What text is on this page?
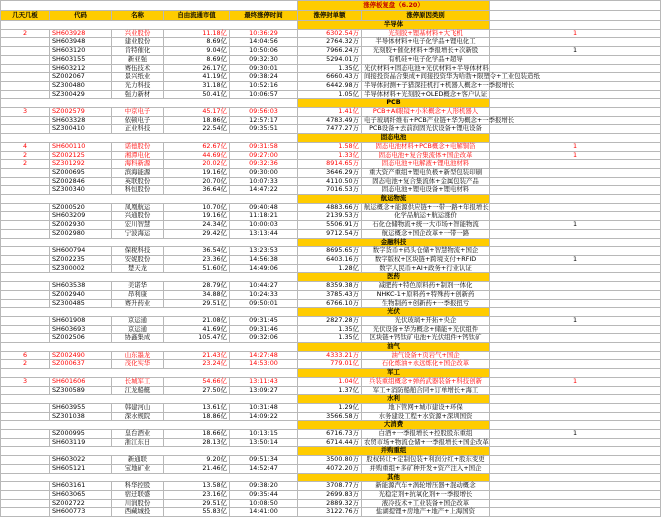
					涨停板复盘（6.20）		
几天几板	代码	名称	自由流通市值	最终涨停时间	涨停封单额	涨停原因类别	
					半导体		
2	SH603928	兴业股份	11.18亿	10:36:29	6302.54万	光刻胶+锂基材料+大飞机	1
	SH603948	建业股份	8.69亿	14:04:56	2764.32万	半导体材料+电子化学品+锂电化工	
	SH603120	肯特催化	9.04亿	10:50:06	7966.24万	光刻胶+催化材料+季报增长+次新股	1
	SH603155	新亚强	8.69亿	09:32:30	5294.01万	有机硅+电子化学品+超导	
	SH603212	赛伍技术	26.17亿	09:30:01	1.35亿	光伏材料+固态电池+光伏材料+半导体材料	
	SZ002067	景兴纸业	41.19亿	09:38:24	6660.43万	间接投资晶合集成+间接投资华为哈勃+限塑令+工业包装造纸	
	SZ300480	光力科技	31.18亿	10:52:16	6442.98万	半导体封测+子猎深挂机打+机器人概念+一季报增长	
	SZ300429	强力新材	50.41亿	10:06:57	1.05亿	半导体材料+光刻胶+OLED概念+客户认证	
					PCB		
3	SZ002579	中京电子	45.17亿	09:56:03	1.41亿	PCB+AI眼镜+小米概念+人形机器人	
	SH603328	依顿电子	18.86亿	12:57:17	4783.49万	电子玻璃纤维布+PCB产业链+华为概念+一季报增长	
	SZ300410	正业科技	22.54亿	09:35:51	7477.27万	PCB设备+去前润固光伏设备+锂电设备	
					固态电池		
4	SH600110	诺德股份	62.67亿	09:31:58	1.58亿	固态电池材料+PCB概念+电解铜箔	1
2	SZ002125	湘潭电化	44.69亿	09:27:00	1.33亿	固态电池+复合集流体+国企改革	1
2	SZ301292	海科新源	20.02亿	09:32:36	8914.65万	固态电池+电解液+锂电池材料	
	SZ000695	滨海能源	19.16亿	09:30:00	3646.29万	重大资产重组+锂电负极+新型包装印刷	
	SZ002846	英联股份	20.70亿	10:07:33	4110.50万	固态电池+复合集流体+金属包装产品	
	SZ300340	科恒股份	36.64亿	14:47:22	7016.53万	固态电池+锂电设备+锂电材料	
					航运物流		
	SZ000520	凤凰航运	10.70亿	09:40:48	4883.66万	航运概念+能源供应链+一带一路+年报增长	
	SH603209	兴通股份	19.16亿	11:18:21	2139.53万	化学品航运+航运涨价	
	SZ002930	宏川智慧	24.34亿	10:00:03	5506.91万	石化仓储物流+统一大市场+智能物流	1
	SZ002980	宁波海运	29.42亿	13:13:44	9712.54万	航运概念+国企改革+一带一路	
					金融科技		
	SH600794	保税科技	36.54亿	13:23:53	8695.65万	数字货币+码头仓储+智慧物流+国企	
	SZ002235	安妮股份	23.36亿	14:56:38	6403.16万	数字版权+区块链+跨境支付+RFID	1
	SZ300002	楚天龙	51.60亿	14:49:06	1.28亿	数字人民币+AI+政务+行业认证	
					医药		
	SH603538	美诺华	28.79亿	10:44:27	8359.38万	减肥药+特色原料药+制剂一体化	
	SZ002940	昂利康	34.88亿	10:24:33	3785.43万	NHKC-1+原料药+特殊药+创新药	
	SZ300485	赛升药业	29.51亿	09:50:01	6766.10万	生物制药+创新药+一季报扭亏	
					光伏		
	SH601908	京运通	21.08亿	09:31:45	2827.28万	光伏玻璃+开拓+央企	1
	SH603693	京运通	41.69亿	09:31:46	1.35亿	光伏设备+华为概念+储能+光伏组件	
	SZ002506	协鑫集成	105.47亿	09:32:06	1.35亿	区块链+钙钛矿电池+光伏组件+钙钛矿	
					油气		
6	SZ002490	山东墨龙	21.43亿	14:27:48	4333.21万	油气设备+页岩气+国企	
2	SZ000637	茂化实华	23.24亿	14:53:00	779.01亿	石化炼油+永远炼化+国企改革	
					军工		
3	SH601606	长城军工	54.66亿	13:11:43	1.04亿	兵装重组概念+弹药武器装备+科技创新	1
	SZ300589	江龙船艇	27.50亿	13:09:27	1.37亿	军工+消防船舶合同+订单增长+海工	
					水利		
	SH603955	韩建河山	13.61亿	10:31:48	1.29亿	地下管网+城市建设+环保	
	SZ301038	深水规院	18.86亿	14:09:22	3566.58万	水务建设工程+水资源+深圳国资	
					大消费		
	SZ000995	皇台酒业	18.66亿	10:13:15	6716.73万	白酒+一季报增长+控股股东重组	1
	SH603119	浙江东日	28.13亿	13:50:14	6714.44万	农贸市场+物流仓储+一季报增长+国企改革	
					并购重组		
	SH603022	新通联	9.20亿	09:51:34	3500.80万	股权转让+定制包装+利润分红+股东变更	
	SH605121	宝地矿业	21.46亿	14:52:47	4072.20万	并购重组+多矿种开发+资产注入+国企	
					其他		
	SH603161	科华控股	13.58亿	09:38:20	3708.77万	新能源汽车+涡轮增压器+混动概念	
	SH603065	宿迁联盛	23.16亿	09:35:44	2699.83万	光稳定剂+抗氧化剂+一季报增长	
	SZ002722	川润股份	29.51亿	10:08:50	2889.32万	液冷技术+工业装备+国企改革	
	SH600773	西藏城投	55.83亿	14:41:00	3122.76万	盐湖提锂+房地产+地产+上海国资	
